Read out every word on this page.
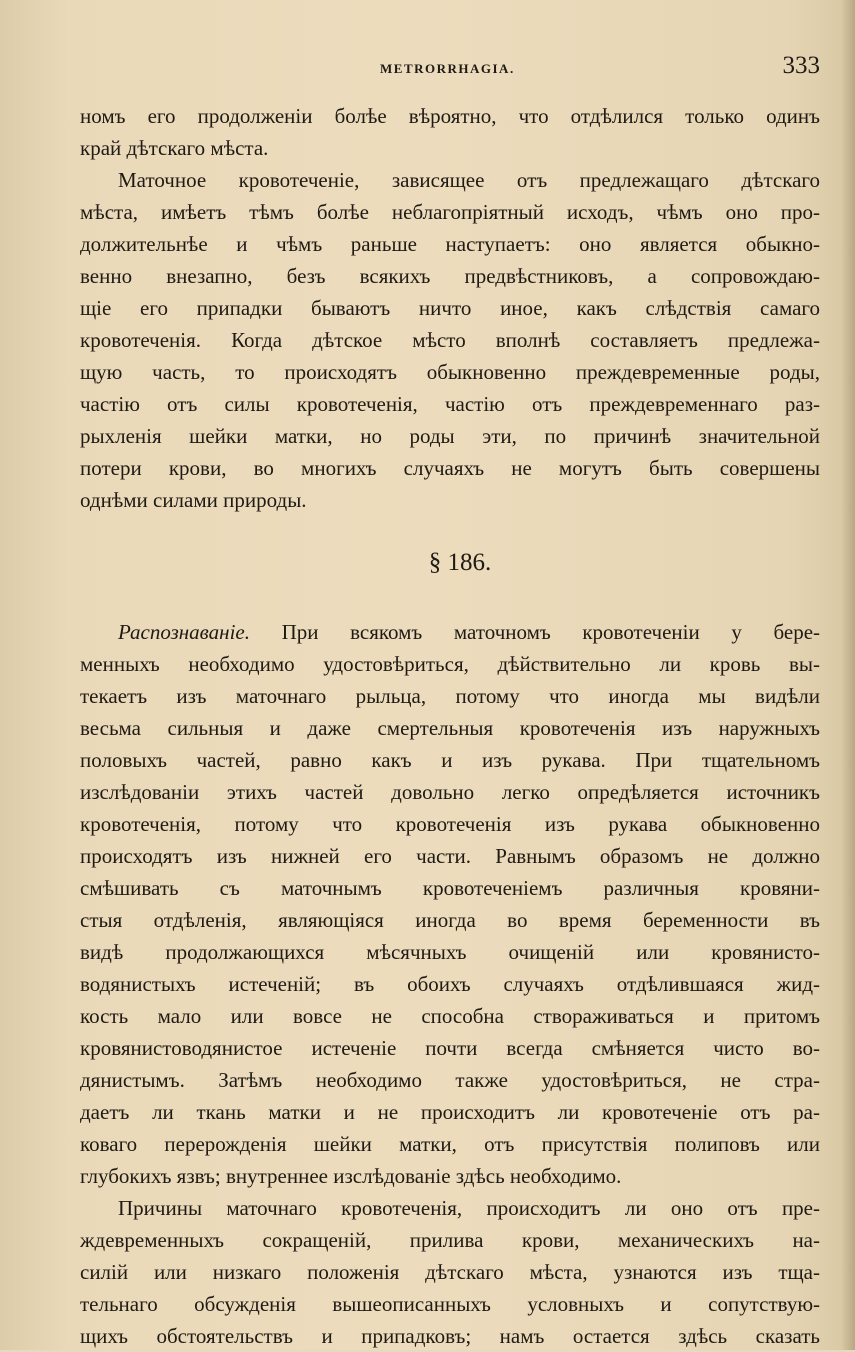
METRORRHAGIA.	333
номъ его продолженіи болѣе вѣроятно, что отдѣлился только одинъ
край дѣтскаго мѣста.
Маточное кровотеченіе, зависящее отъ предлежащаго дѣтскаго
мѣста, имѣетъ тѣмъ болѣе неблагопріятный исходъ, чѣмъ оно про-
должительнѣе и чѣмъ раньше наступаетъ: оно является обыкно-
венно внезапно, безъ всякихъ предвѣстниковъ, а сопровождаю-
щіе его припадки бываютъ ничто иное, какъ слѣдствія самаго
кровотеченія. Когда дѣтское мѣсто вполнѣ составляетъ предлежа-
щую часть, то происходятъ обыкновенно преждевременные роды,
частію отъ силы кровотеченія, частію отъ преждевременнаго раз-
рыхленія шейки матки, но роды эти, по причинѣ значительной
потери крови, во многихъ случаяхъ не могутъ быть совершены
однѣми силами природы.
§ 186.
Распознаваніе. При всякомъ маточномъ кровотеченіи у бере-
менныхъ необходимо удостовѣриться, дѣйствительно ли кровь вы-
текаетъ изъ маточнаго рыльца, потому что иногда мы видѣли
весьма сильныя и даже смертельныя кровотеченія изъ наружныхъ
половыхъ частей, равно какъ и изъ рукава. При тщательномъ
изслѣдованіи этихъ частей довольно легко опредѣляется источникъ
кровотеченія, потому что кровотеченія изъ рукава обыкновенно
происходятъ изъ нижней его части. Равнымъ образомъ не должно
смѣшивать съ маточнымъ кровотеченіемъ различныя кровяни-
стыя отдѣленія, являющіяся иногда во время беременности въ
видѣ продолжающихся мѣсячныхъ очищеній или кровянисто-
водянистыхъ истеченій; въ обоихъ случаяхъ отдѣлившаяся жид-
кость мало или вовсе не способна створаживаться и притомъ
кровянистоводянистое истеченіе почти всегда смѣняется чисто во-
дянистымъ. Затѣмъ необходимо также удостовѣриться, не стра-
даетъ ли ткань матки и не происходитъ ли кровотеченіе отъ ра-
коваго перерожденія шейки матки, отъ присутствія полиповъ или
глубокихъ язвъ; внутреннее изслѣдованіе здѣсь необходимо.
Причины маточнаго кровотеченія, происходитъ ли оно отъ пре-
ждевременныхъ сокращеній, прилива крови, механическихъ на-
силій или низкаго положенія дѣтскаго мѣста, узнаются изъ тща-
тельнаго обсужденія вышеописанныхъ условныхъ и сопутствую-
щихъ обстоятельствъ и припадковъ; намъ остается здѣсь сказать
